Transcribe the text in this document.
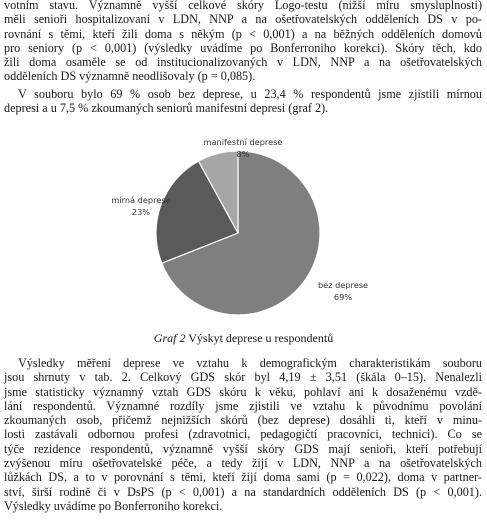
votním stavu. Významně vyšší celkové skóry Logo-testu (nižší míru smysluplnosti)
měli senioři hospitalizovaní v LDN, NNP a na ošetřovatelských odděleních DS v po-
rovnání s těmi, kteří žili doma s někým (p < 0,001) a na běžných odděleních domovů
pro seniory (p < 0,001) (výsledky uvádíme po Bonferroniho korekci). Skóry těch, kdo
žili doma osaměle se od institucionalizovaných v LDN, NNP a na ošetřovatelských
odděleních DS významně neodlišovaly (p = 0,085).
V souboru bylo 69 % osob bez deprese, u 23,4 % respondentů jsme zjistili mírnou
depresi a u 7,5 % zkoumaných seniorů manifestní depresi (graf 2).
manifestní deprese
8%
mírná deprese
23%
bez deprese
69%
Graf 2 Výskyt deprese u respondentů
Výsledky měření deprese ve vztahu k demografickým charakteristikám souboru
jsou shrnuty v tab. 2. Celkový GDS skór byl 4,19 ± 3,51 (škála 0–15). Nenalezli
jsme statisticky významný vztah GDS skóru k věku, pohlaví ani k dosaženému vzdě-
lání respondentů. Významné rozdíly jsme zjistili ve vztahu k původnímu povolání
zkoumaných osob, přičemž nejnižších skórů (bez deprese) dosáhli ti, kteří v minu-
losti zastávali odbornou profesi (zdravotnici, pedagogičtí pracovníci, technici). Co se
týče rezidence respondentů, významně vyšší skóry GDS mají senioři, kteří potřebují
zvýšenou míru ošetřovatelské péče, a tedy žijí v LDN, NNP a na ošetřovatelských
lůžkách DS, a to v porovnání s těmi, kteří žijí doma sami (p = 0,022), doma v partner-
ství, širší rodině či v DsPS (p < 0,001) a na standardních odděleních DS (p < 0,001).
Výsledky uvádíme po Bonferroniho korekci.
